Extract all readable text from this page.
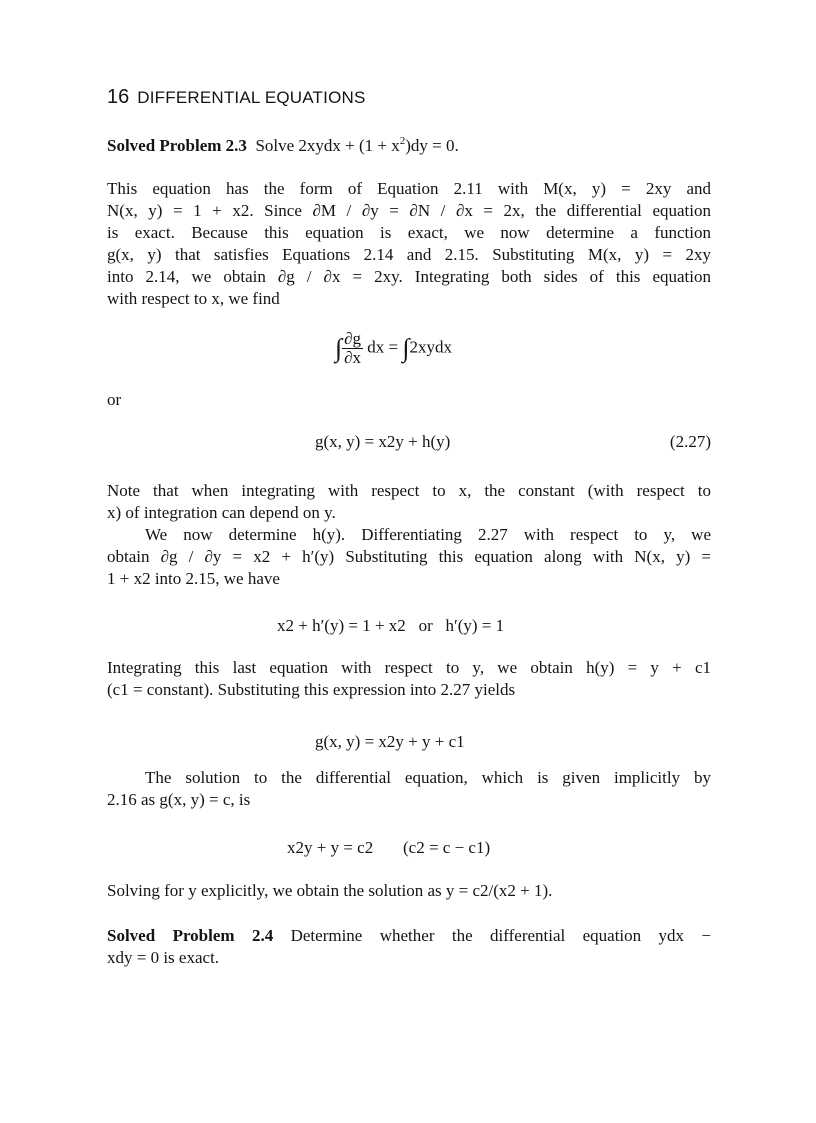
16 DIFFERENTIAL EQUATIONS

Solved Problem 2.3 Solve 2xydx + $(1 + x^2)dy = 0$.

This equation has the form of Equation 2.11 with M(x, y) = 2xy and
N(x, y) = 1 + x2. Since ∂M / ∂y = ∂N / ∂x = 2x, the differential equation
is exact. Because this equation is exact, we now determine a function
g(x, y) that satisfies Equations 2.14 and 2.15. Substituting M(x, y) = 2xy
into 2.14, we obtain ∂g / ∂x = 2xy. Integrating both sides of this equation
with respect to x, we find

∫ $\frac{\partial g}{\partial x}$ dx = ∫2xydx

or

g(x, y) = x2y + h(y)	(2.27)

Note that when integrating with respect to x, the constant (with respect to
x) of integration can depend on y.

We now determine h(y). Differentiating 2.27 with respect to y, we
obtain ∂g / ∂y = x2 + h′(y) Substituting this equation along with N(x, y) =
1 + x2 into 2.15, we have

x2 + h′(y) = 1 + x2 or h′(y) = 1

Integrating this last equation with respect to y, we obtain h(y) = y + c1
(c1 = constant). Substituting this expression into 2.27 yields

g(x, y) = x2y + y + c1

The solution to the differential equation, which is given implicitly by
2.16 as g(x, y) = c, is

x2y + y = c2 (c2 = c − c1)

Solving for y explicitly, we obtain the solution as y = c2/(x2 + 1).

Solved Problem 2.4 Determine whether the differential equation ydx −
xdy = 0 is exact.
